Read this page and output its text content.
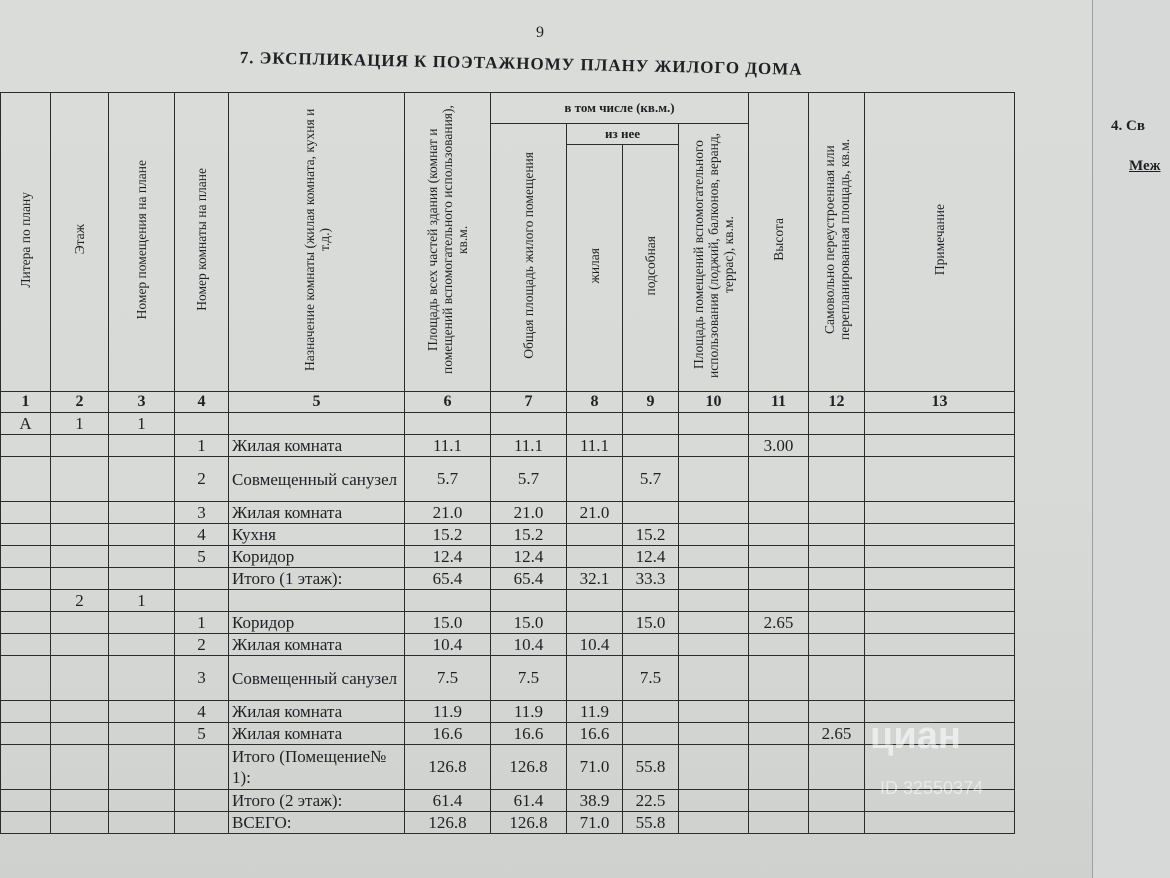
9
7. ЭКСПЛИКАЦИЯ К ПОЭТАЖНОМУ ПЛАНУ ЖИЛОГО ДОМА
Литера по плану	Этаж	Номер помещения на плане	Номер комнаты на плане	Назначение комнаты (жилая комната, кухня и т.д.)	Площадь всех частей здания (комнат и помещений вспомогательного использования), кв.м.	в том числе (кв.м.)				Высота	Самовольно переустроенная или перепланированная площадь, кв.м.	Примечание
						Общая площадь жилого помещения	из нее		Площадь помещений вспомогательного использования (лоджий, балконов, веранд, террас), кв.м.			
							жилая	подсобная				
1	2	3	4	5	6	7	8	9	10	11	12	13
А	1	1										
			1	Жилая комната	11.1	11.1	11.1			3.00		
			2	Совмещенный санузел	5.7	5.7		5.7				
			3	Жилая комната	21.0	21.0	21.0					
			4	Кухня	15.2	15.2		15.2				
			5	Коридор	12.4	12.4		12.4				
				Итого (1 этаж):	65.4	65.4	32.1	33.3				
	2	1										
			1	Коридор	15.0	15.0		15.0		2.65		
			2	Жилая комната	10.4	10.4	10.4					
			3	Совмещенный санузел	7.5	7.5		7.5				
			4	Жилая комната	11.9	11.9	11.9					
			5	Жилая комната	16.6	16.6	16.6				2.65	
				Итого (Помещение№ 1):	126.8	126.8	71.0	55.8				
				Итого (2 этаж):	61.4	61.4	38.9	22.5				
				ВСЕГО:	126.8	126.8	71.0	55.8				
циан
ID 32550374
4. Св
Меж
